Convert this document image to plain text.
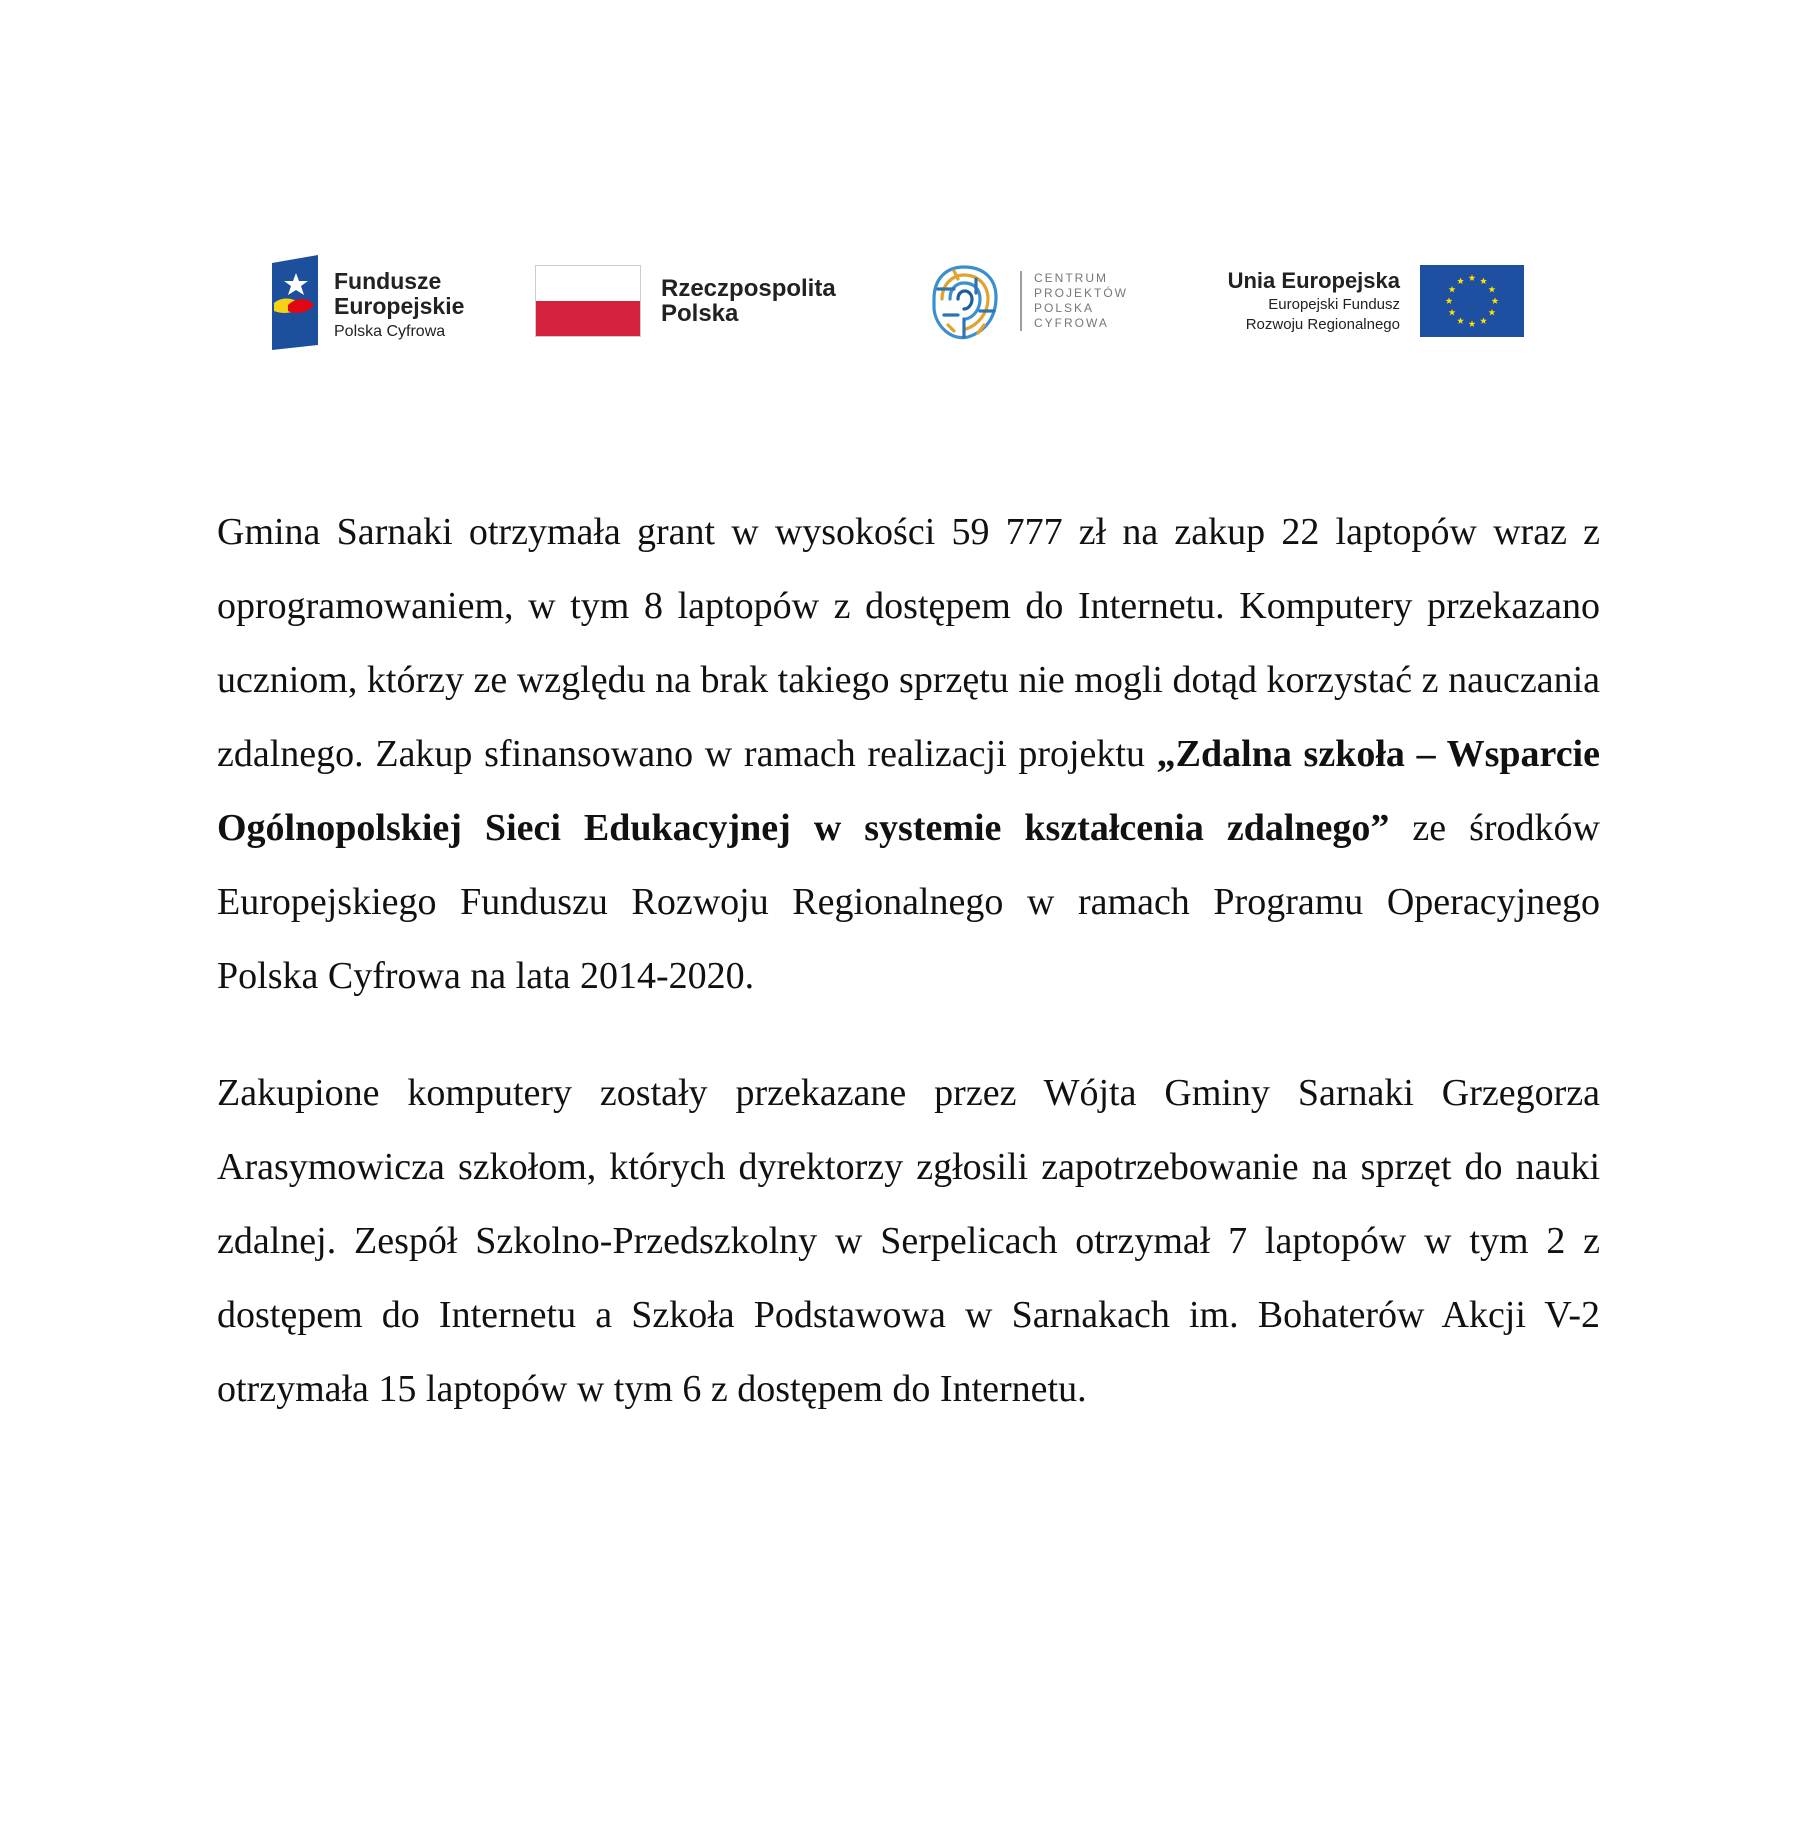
Fundusze
Europejskie
Polska Cyfrowa
Rzeczpospolita
Polska
CENTRUM
PROJEKTÓW
POLSKA
CYFROWA
Unia Europejska
Europejski Fundusz
Rozwoju Regionalnego

Gmina Sarnaki otrzymała grant w wysokości 59 777 zł na zakup 22 laptopów wraz z oprogramowaniem, w tym 8 laptopów z dostępem do Internetu. Komputery przekazano uczniom, którzy ze względu na brak takiego sprzętu nie mogli dotąd korzystać z nauczania zdalnego. Zakup sfinansowano w ramach realizacji projektu „Zdalna szkoła – Wsparcie Ogólnopolskiej Sieci Edukacyjnej w systemie kształcenia zdalnego” ze środków Europejskiego Funduszu Rozwoju Regionalnego w ramach Programu Operacyjnego Polska Cyfrowa na lata 2014-2020.

Zakupione komputery zostały przekazane przez Wójta Gminy Sarnaki Grzegorza Arasymowicza szkołom, których dyrektorzy zgłosili zapotrzebowanie na sprzęt do nauki zdalnej. Zespół Szkolno-Przedszkolny w Serpelicach otrzymał 7 laptopów w tym 2 z dostępem do Internetu a Szkoła Podstawowa w Sarnakach im. Bohaterów Akcji V-2 otrzymała 15 laptopów w tym 6 z dostępem do Internetu.
